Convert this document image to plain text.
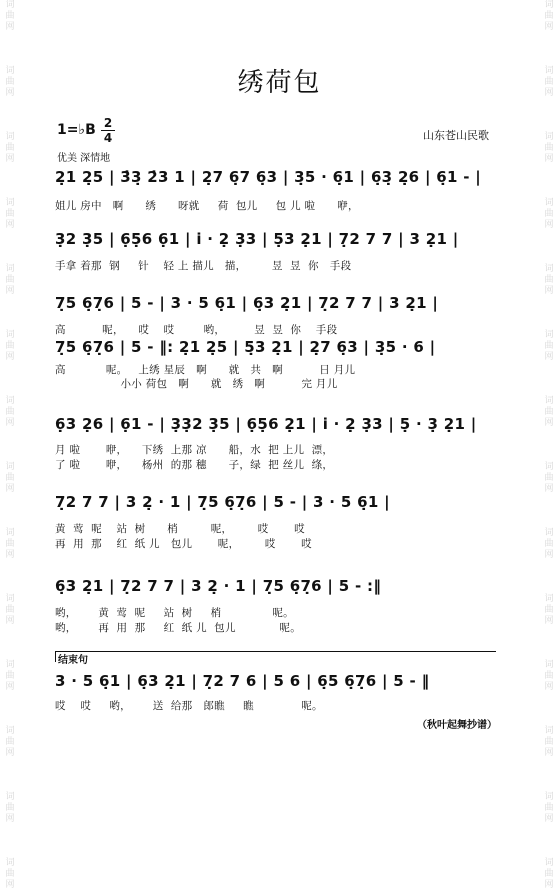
词
曲
网

词
曲
网

词
曲
网

词
曲
网

词
曲
网

词
曲
网

词
曲
网

词
曲
网

词
曲
网

词
曲
网

词
曲
网

词
曲
网

词
曲
网

词
曲
网

词
曲
网

词
曲
网

词
曲
网

词
曲
网

词
曲
网

词
曲
网

词
曲
网

词
曲
网

词
曲
网

词
曲
网

词
曲
网

词
曲
网

词
曲
网

词
曲
网

绣荷包
1=♭B 2
4	山东苍山民歌
优美 深情地
2̣1 2̣5 | 3̇3̣ 2̇3 1 | 2̣7 6̣7 6̣3 | 3̣5 · 6̣1 | 6̣3̣ 2̣6 | 6̣1 - |
姐儿 房中   啊      绣      呀就     荷  包儿     包 儿 啦      咿，
3̣2 3̣5 | 6̣5̣6 6̣1 | i · 2̣ 3̣3 | 5̣3 2̣1 | 7̣2 7 7 | 3 2̣1 |
手拿 着那  钢     针    轻 上 描儿   描，       昱  昱  你   手段
7̣5 6̣7̣6 | 5 - | 3 · 5 6̣1 | 6̣3 2̣1 | 7̣2 7 7 | 3 2̣1 |
高          呢，    哎    哎        哟，        昱  昱  你    手段
7̣5 6̣7̣6 | 5 - ‖: 2̣1 2̣5 | 5̣3 2̣1 | 2̣7 6̣3 | 3̣5 · 6 |
高           呢。   上绣 星辰   啊      就   共   啊          日 月儿
小小 荷包   啊      就   绣   啊          完 月儿
6̣3 2̣6 | 6̣1 - | 3̣3̣2 3̣5 | 6̣5̣6 2̣1 | i · 2̣ 3̣3 | 5̣ · 3̣ 2̣1 |
月 啦       咿，    下绣  上那 凉      船，水  把 上儿  漂，
了 啦       咿，    杨州  的那 穗      子，绿  把 丝儿  绦，
7̣2 7 7 | 3 2̣ · 1 | 7̣5 6̣7̣6 | 5 - | 3 · 5 6̣1 |
黄  莺  呢    站  树      梢         呢，       哎       哎
再  用  那    红  纸 儿   包儿       呢，       哎       哎
6̣3 2̣1 | 7̣2 7 7 | 3 2̣ · 1 | 7̣5 6̣7̣6 | 5 - :‖
哟，      黄  莺  呢     站  树     梢              呢。
哟，      再  用  那     红  纸 儿  包儿            呢。
结束句
3 · 5 6̣1 | 6̣3 2̣1 | 7̣2 7 6 | 5 6 | 6̣5 6̣7̣6 | 5 - ‖
哎    哎     哟，      送  给那   郎瞧     瞧             呢。
（秋叶起舞抄谱）
